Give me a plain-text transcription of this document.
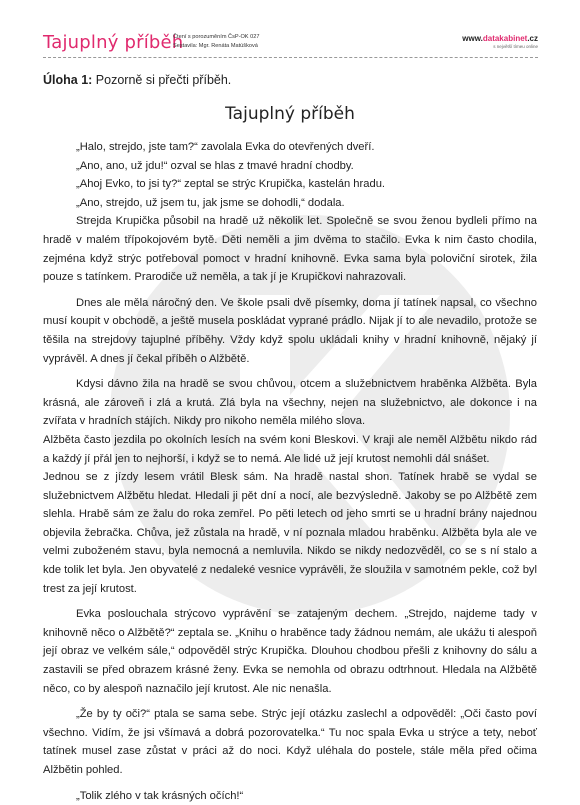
Tajuplný příběh
Čtení s porozuměním ČsP-OK 027
Sestavila: Mgr. Renáta Matúšková
www.datakabinet.cz
s největší tímeu online
Úloha 1: Pozorně si přečti příběh.
Tajuplný příběh

„Halo, strejdo, jste tam?“ zavolala Evka do otevřených dveří.

„Ano, ano, už jdu!“ ozval se hlas z tmavé hradní chodby.

„Ahoj Evko, to jsi ty?“ zeptal se strýc Krupička, kastelán hradu.

„Ano, strejdo, už jsem tu, jak jsme se dohodli,“ dodala.

Strejda Krupička působil na hradě už několik let. Společně se svou ženou bydleli přímo na hradě v malém třípokojovém bytě. Děti neměli a jim dvěma to stačilo. Evka k nim často chodila, zejména když strýc potřeboval pomoct v hradní knihovně. Evka sama byla poloviční sirotek, žila pouze s tatínkem. Prarodiče už neměla, a tak jí je Krupičkovi nahrazovali.

Dnes ale měla náročný den. Ve škole psali dvě písemky, doma jí tatínek napsal, co všechno musí koupit v obchodě, a ještě musela poskládat vyprané prádlo. Nijak jí to ale nevadilo, protože se těšila na strejdovy tajuplné příběhy. Vždy když spolu ukládali knihy v hradní knihovně, nějaký jí vyprávěl. A dnes jí čekal příběh o Alžbětě.

Kdysi dávno žila na hradě se svou chůvou, otcem a služebnictvem hraběnka Alžběta. Byla krásná, ale zároveň i zlá a krutá. Zlá byla na všechny, nejen na služebnictvo, ale dokonce i na zvířata v hradních stájích. Nikdy pro nikoho neměla milého slova.

Alžběta často jezdila po okolních lesích na svém koni Bleskovi. V kraji ale neměl Alžbětu nikdo rád a každý jí přál jen to nejhorší, i když se to nemá. Ale lidé už její krutost nemohli dál snášet.

Jednou se z jízdy lesem vrátil Blesk sám. Na hradě nastal shon. Tatínek hrabě se vydal se služebnictvem Alžbětu hledat. Hledali ji pět dní a nocí, ale bezvýsledně. Jakoby se po Alžbětě zem slehla. Hrabě sám ze žalu do roka zemřel. Po pěti letech od jeho smrti se u hradní brány najednou objevila žebračka. Chůva, jež zůstala na hradě, v ní poznala mladou hraběnku. Alžběta byla ale ve velmi zuboženém stavu, byla nemocná a nemluvila. Nikdo se nikdy nedozvěděl, co se s ní stalo a kde tolik let byla. Jen obyvatelé z nedaleké vesnice vyprávěli, že sloužila v samotném pekle, což byl trest za její krutost.

Evka poslouchala strýcovo vyprávění se zatajeným dechem. „Strejdo, najdeme tady v knihovně něco o Alžbětě?“ zeptala se. „Knihu o hraběnce tady žádnou nemám, ale ukážu ti alespoň její obraz ve velkém sále,“ odpověděl strýc Krupička. Dlouhou chodbou přešli z knihovny do sálu a zastavili se před obrazem krásné ženy. Evka se nemohla od obrazu odtrhnout. Hledala na Alžbětě něco, co by alespoň naznačilo její krutost. Ale nic nenašla.

„Že by ty oči?“ ptala se sama sebe. Strýc její otázku zaslechl a odpověděl: „Oči často poví všechno. Vidím, že jsi všímavá a dobrá pozorovatelka.“ Tu noc spala Evka u strýce a tety, neboť tatínek musel zase zůstat v práci až do noci. Když uléhala do postele, stále měla před očima Alžbětin pohled.

„Tolik zlého v tak krásných očích!“
